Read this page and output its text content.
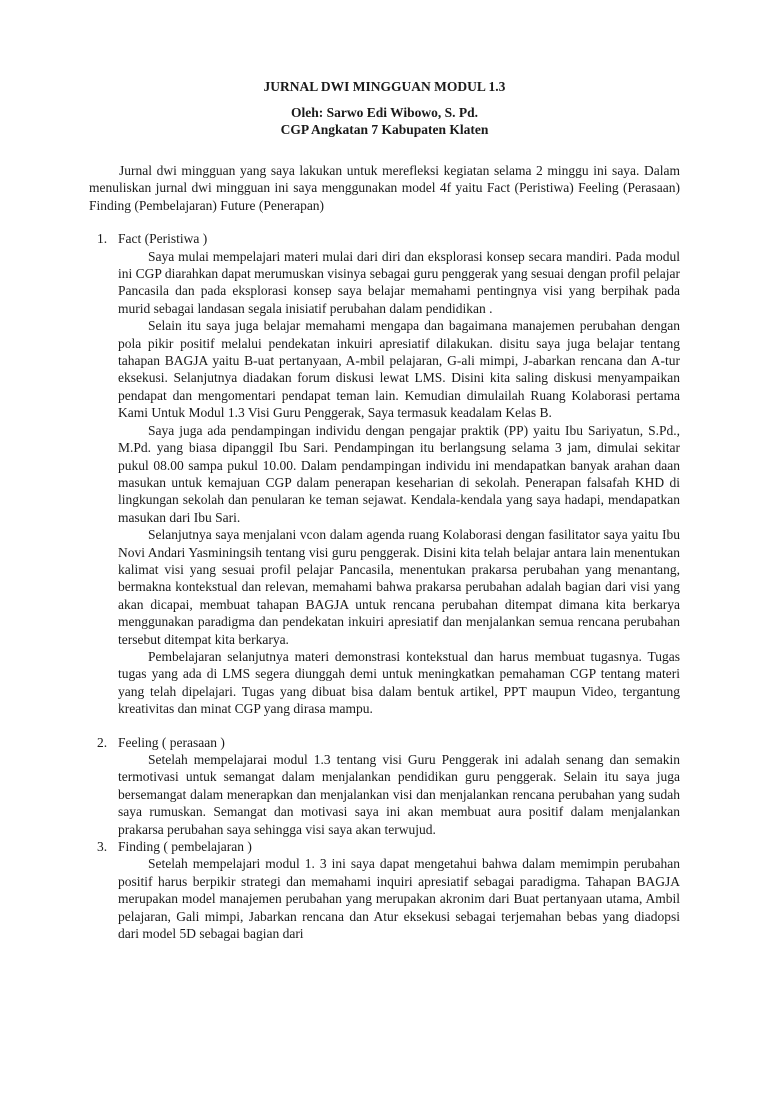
JURNAL DWI MINGGUAN MODUL 1.3

Oleh: Sarwo Edi Wibowo, S. Pd.

CGP Angkatan 7 Kabupaten Klaten

Jurnal dwi mingguan yang saya lakukan untuk merefleksi kegiatan selama 2 minggu ini saya. Dalam menuliskan jurnal dwi mingguan ini saya menggunakan model 4f yaitu Fact (Peristiwa) Feeling (Perasaan) Finding (Pembelajaran) Future (Penerapan)

1. Fact (Peristiwa )

Saya mulai mempelajari materi mulai dari diri dan eksplorasi konsep secara mandiri. Pada modul ini CGP diarahkan dapat merumuskan visinya sebagai guru penggerak yang sesuai dengan profil pelajar Pancasila dan pada eksplorasi konsep saya belajar memahami pentingnya visi yang berpihak pada murid sebagai landasan segala inisiatif perubahan dalam pendidikan .

Selain itu saya juga belajar memahami mengapa dan bagaimana manajemen perubahan dengan pola pikir positif melalui pendekatan inkuiri apresiatif dilakukan. disitu saya juga belajar tentang tahapan BAGJA yaitu B-uat pertanyaan, A-mbil pelajaran, G-ali mimpi, J-abarkan rencana dan A-tur eksekusi. Selanjutnya diadakan forum diskusi lewat LMS. Disini kita saling diskusi menyampaikan pendapat dan mengomentari pendapat teman lain. Kemudian dimulailah Ruang Kolaborasi pertama Kami Untuk Modul 1.3 Visi Guru Penggerak, Saya termasuk keadalam Kelas B.

Saya juga ada pendampingan individu dengan pengajar praktik (PP) yaitu Ibu Sariyatun, S.Pd., M.Pd. yang biasa dipanggil Ibu Sari. Pendampingan itu berlangsung selama 3 jam, dimulai sekitar pukul 08.00 sampa pukul 10.00. Dalam pendampingan individu ini mendapatkan banyak arahan daan masukan untuk kemajuan CGP dalam penerapan keseharian di sekolah. Penerapan falsafah KHD di lingkungan sekolah dan penularan ke teman sejawat. Kendala-kendala yang saya hadapi, mendapatkan masukan dari Ibu Sari.

Selanjutnya saya menjalani vcon dalam agenda ruang Kolaborasi dengan fasilitator saya yaitu Ibu Novi Andari Yasminingsih tentang visi guru penggerak. Disini kita telah belajar antara lain menentukan kalimat visi yang sesuai profil pelajar Pancasila, menentukan prakarsa perubahan yang menantang, bermakna kontekstual dan relevan, memahami bahwa prakarsa perubahan adalah bagian dari visi yang akan dicapai, membuat tahapan BAGJA untuk rencana perubahan ditempat dimana kita berkarya menggunakan paradigma dan pendekatan inkuiri apresiatif dan menjalankan semua rencana perubahan tersebut ditempat kita berkarya.

Pembelajaran selanjutnya materi demonstrasi kontekstual dan harus membuat tugasnya. Tugas tugas yang ada di LMS segera diunggah demi untuk meningkatkan pemahaman CGP tentang materi yang telah dipelajari. Tugas yang dibuat bisa dalam bentuk artikel, PPT maupun Video, tergantung kreativitas dan minat CGP yang dirasa mampu.

2. Feeling ( perasaan )

Setelah mempelajarai modul 1.3 tentang visi Guru Penggerak ini adalah senang dan semakin termotivasi untuk semangat dalam menjalankan pendidikan guru penggerak. Selain itu saya juga bersemangat dalam menerapkan dan menjalankan visi dan menjalankan rencana perubahan yang sudah saya rumuskan. Semangat dan motivasi saya ini akan membuat aura positif dalam menjalankan prakarsa perubahan saya sehingga visi saya akan terwujud.

3. Finding ( pembelajaran )

Setelah mempelajari modul 1. 3 ini saya dapat mengetahui bahwa dalam memimpin perubahan positif harus berpikir strategi dan memahami inquiri apresiatif sebagai paradigma. Tahapan BAGJA merupakan model manajemen perubahan yang merupakan akronim dari Buat pertanyaan utama, Ambil pelajaran, Gali mimpi, Jabarkan rencana dan Atur eksekusi sebagai terjemahan bebas yang diadopsi dari model 5D sebagai bagian dari
